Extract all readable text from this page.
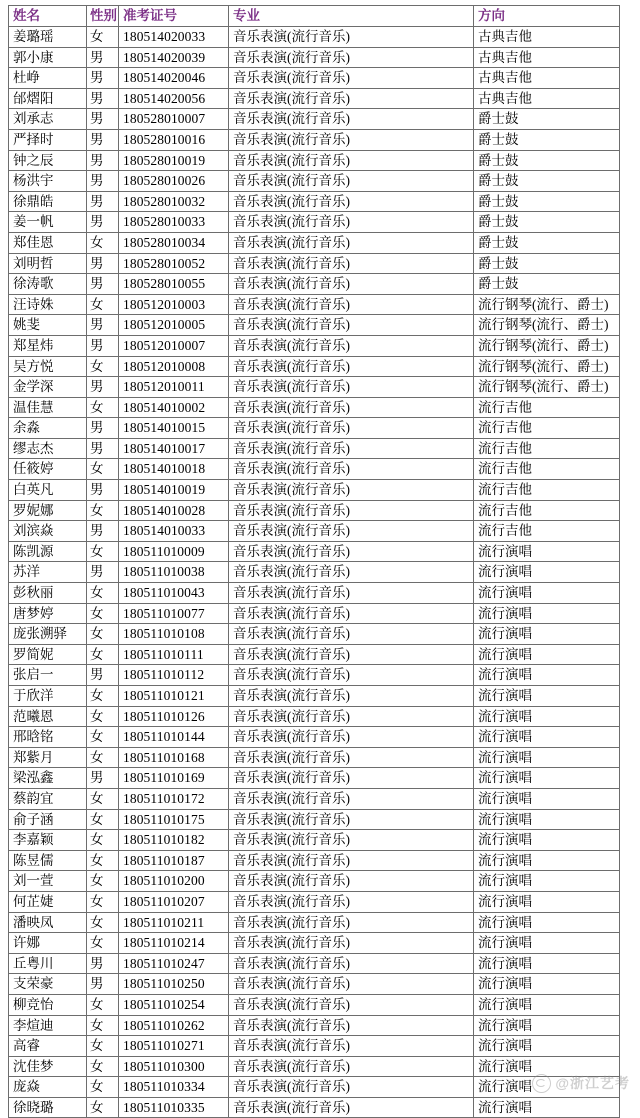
姓名	性别	准考证号	专业	方向
姜璐瑶	女	180514020033	音乐表演(流行音乐)	古典吉他
郭小康	男	180514020039	音乐表演(流行音乐)	古典吉他
杜峥	男	180514020046	音乐表演(流行音乐)	古典吉他
邰熠阳	男	180514020056	音乐表演(流行音乐)	古典吉他
刘承志	男	180528010007	音乐表演(流行音乐)	爵士鼓
严择时	男	180528010016	音乐表演(流行音乐)	爵士鼓
钟之辰	男	180528010019	音乐表演(流行音乐)	爵士鼓
杨洪宇	男	180528010026	音乐表演(流行音乐)	爵士鼓
徐鼎皓	男	180528010032	音乐表演(流行音乐)	爵士鼓
姜一帆	男	180528010033	音乐表演(流行音乐)	爵士鼓
郑佳恩	女	180528010034	音乐表演(流行音乐)	爵士鼓
刘明哲	男	180528010052	音乐表演(流行音乐)	爵士鼓
徐涛歌	男	180528010055	音乐表演(流行音乐)	爵士鼓
汪诗姝	女	180512010003	音乐表演(流行音乐)	流行钢琴(流行、爵士)
姚斐	男	180512010005	音乐表演(流行音乐)	流行钢琴(流行、爵士)
郑星炜	男	180512010007	音乐表演(流行音乐)	流行钢琴(流行、爵士)
吴方悦	女	180512010008	音乐表演(流行音乐)	流行钢琴(流行、爵士)
金学深	男	180512010011	音乐表演(流行音乐)	流行钢琴(流行、爵士)
温佳慧	女	180514010002	音乐表演(流行音乐)	流行吉他
余淼	男	180514010015	音乐表演(流行音乐)	流行吉他
缪志杰	男	180514010017	音乐表演(流行音乐)	流行吉他
任筱婷	女	180514010018	音乐表演(流行音乐)	流行吉他
白英凡	男	180514010019	音乐表演(流行音乐)	流行吉他
罗妮娜	女	180514010028	音乐表演(流行音乐)	流行吉他
刘滨焱	男	180514010033	音乐表演(流行音乐)	流行吉他
陈凯源	女	180511010009	音乐表演(流行音乐)	流行演唱
苏洋	男	180511010038	音乐表演(流行音乐)	流行演唱
彭秋丽	女	180511010043	音乐表演(流行音乐)	流行演唱
唐梦婷	女	180511010077	音乐表演(流行音乐)	流行演唱
庞张溯驿	女	180511010108	音乐表演(流行音乐)	流行演唱
罗简妮	女	180511010111	音乐表演(流行音乐)	流行演唱
张启一	男	180511010112	音乐表演(流行音乐)	流行演唱
于欣洋	女	180511010121	音乐表演(流行音乐)	流行演唱
范曦恩	女	180511010126	音乐表演(流行音乐)	流行演唱
邢晗铭	女	180511010144	音乐表演(流行音乐)	流行演唱
郑紫月	女	180511010168	音乐表演(流行音乐)	流行演唱
梁泓鑫	男	180511010169	音乐表演(流行音乐)	流行演唱
蔡韵宜	女	180511010172	音乐表演(流行音乐)	流行演唱
俞子涵	女	180511010175	音乐表演(流行音乐)	流行演唱
李嘉颖	女	180511010182	音乐表演(流行音乐)	流行演唱
陈昱儒	女	180511010187	音乐表演(流行音乐)	流行演唱
刘一萱	女	180511010200	音乐表演(流行音乐)	流行演唱
何芷婕	女	180511010207	音乐表演(流行音乐)	流行演唱
潘映凤	女	180511010211	音乐表演(流行音乐)	流行演唱
许娜	女	180511010214	音乐表演(流行音乐)	流行演唱
丘粤川	男	180511010247	音乐表演(流行音乐)	流行演唱
支荣豪	男	180511010250	音乐表演(流行音乐)	流行演唱
柳竞怡	女	180511010254	音乐表演(流行音乐)	流行演唱
李煊迪	女	180511010262	音乐表演(流行音乐)	流行演唱
高睿	女	180511010271	音乐表演(流行音乐)	流行演唱
沈佳梦	女	180511010300	音乐表演(流行音乐)	流行演唱
庞焱	女	180511010334	音乐表演(流行音乐)	流行演唱
徐晓璐	女	180511010335	音乐表演(流行音乐)	流行演唱
@浙江艺考
